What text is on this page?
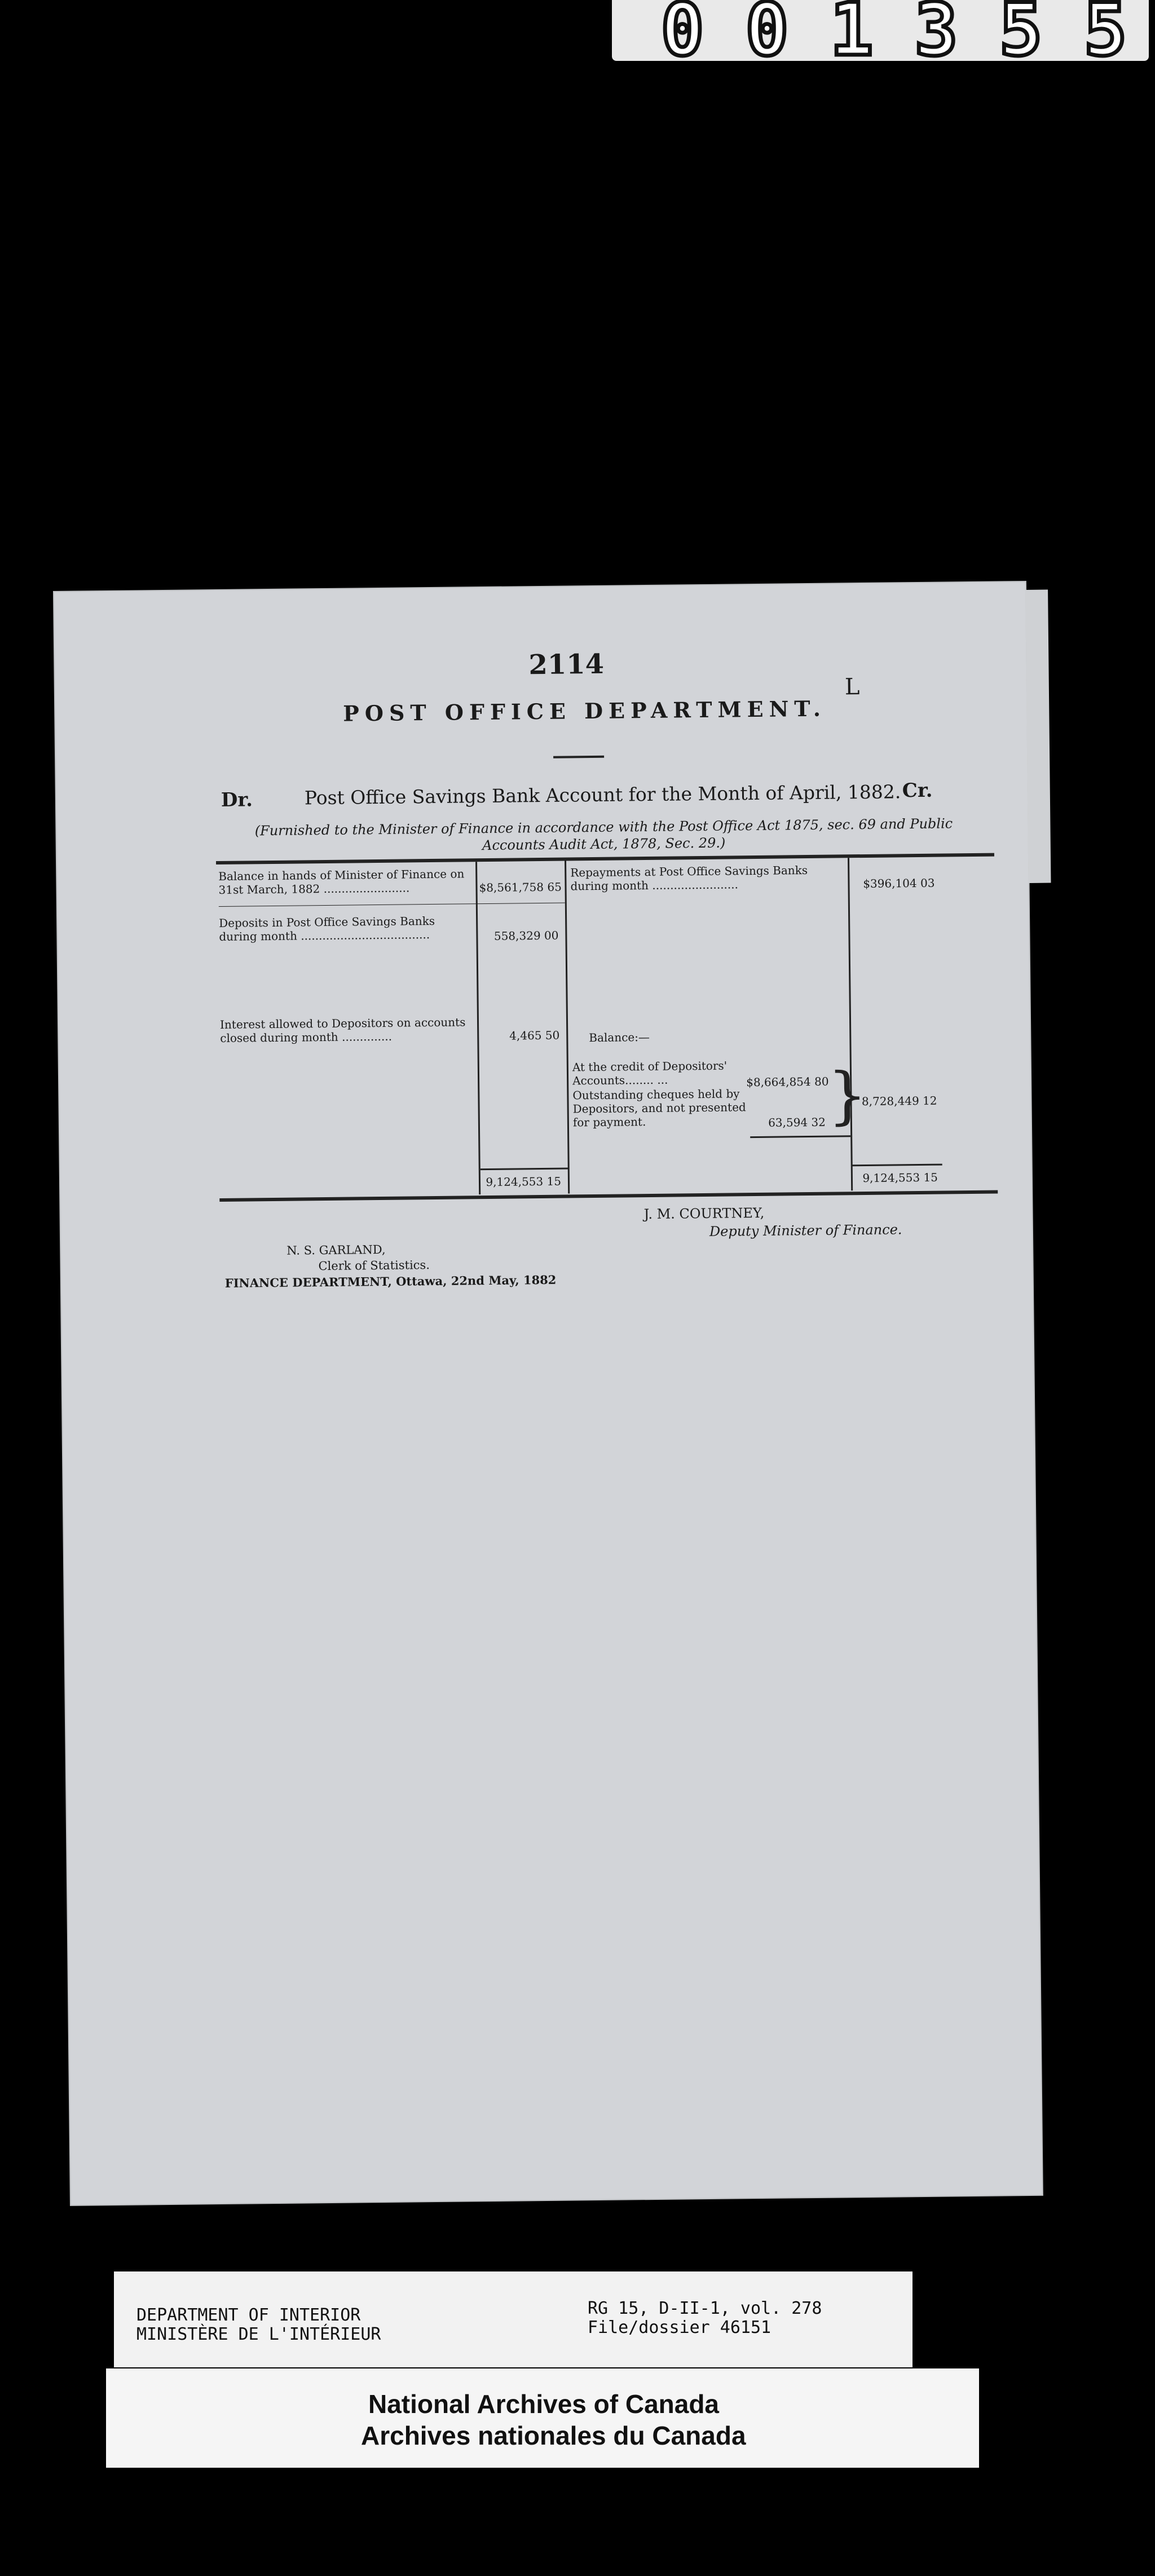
0 0 1 3 5 5
2114
L
POST OFFICE DEPARTMENT.
Dr.	Post Office Savings Bank Account for the Month of April, 1882. Cr.
(Furnished to the Minister of Finance in accordance with the Post Office Act 1875, sec. 69 and Public Accounts Audit Act, 1878, Sec. 29.)
Balance in hands of Minister of Finance on 31st March, 1882 ........................	$8,561,758 65
Deposits in Post Office Savings Banks during month ....................................	558,329 00
Interest allowed to Depositors on accounts closed during month ..............	4,465 50
9,124,553 15
Repayments at Post Office Savings Banks during month ........................	$396,104 03
Balance:—
At the credit of Depositors' Accounts........ ...	$8,664,854 80
Outstanding cheques held by Depositors, and not presented for payment.	63,594 32 }
8,728,449 12
9,124,553 15
J. M. COURTNEY,
Deputy Minister of Finance.
N. S. GARLAND,
Clerk of Statistics.
FINANCE DEPARTMENT, Ottawa, 22nd May, 1882
DEPARTMENT OF INTERIOR
MINISTÈRE DE L'INTÉRIEUR
RG 15, D-II-1, vol. 278
File/dossier 46151
National Archives of Canada
Archives nationales du Canada
